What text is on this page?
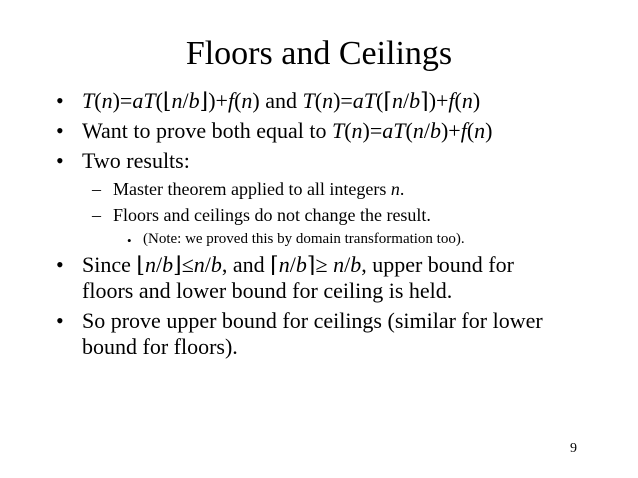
Floors and Ceilings
• T(n)=aT(⌊n/b⌋)+f(n) and T(n)=aT(⌈n/b⌉)+f(n)
• Want to prove both equal to T(n)=aT(n/b)+f(n)
• Two results:
– Master theorem applied to all integers n.
– Floors and ceilings do not change the result.
• (Note: we proved this by domain transformation too).
• Since ⌊n/b⌋≤n/b, and ⌈n/b⌉≥ n/b, upper bound for
floors and lower bound for ceiling is held.
• So prove upper bound for ceilings (similar for lower
bound for floors).
9
